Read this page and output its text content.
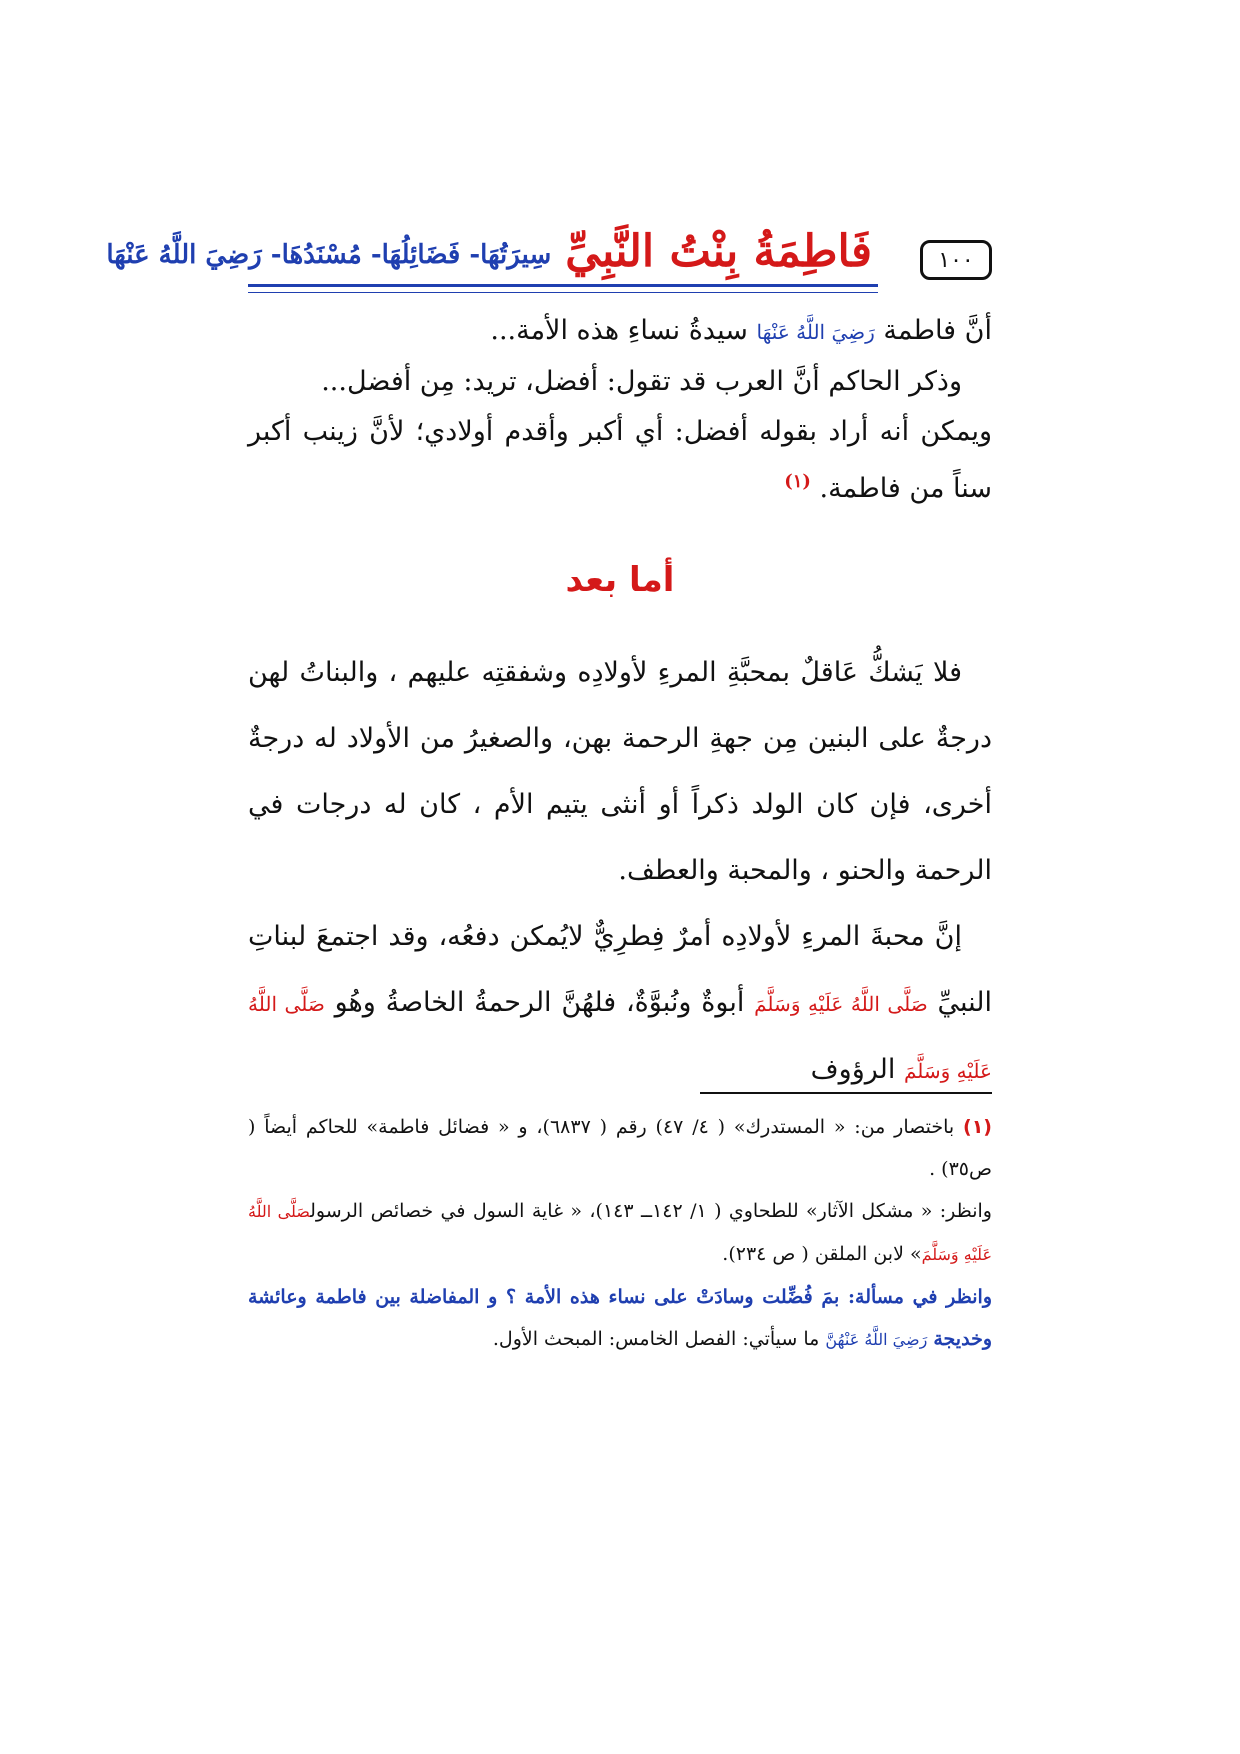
١٠٠
فَاطِمَةُ بِنْتُ النَّبِيِّ
سِيرَتُهَا- فَضَائِلُهَا- مُسْنَدُهَا- رَضِيَ اللَّهُ عَنْهَا

أنَّ فاطمة رَضِيَ اللَّهُ عَنْهَا سيدةُ نساءِ هذه الأمة...

وذكر الحاكم أنَّ العرب قد تقول: أفضل، تريد: مِن أفضل...

ويمكن أنه أراد بقوله أفضل: أي أكبر وأقدم أولادي؛ لأنَّ زينب أكبر سناً من فاطمة. $^{(١)}$

أما بعد

فلا يَشكُّ عَاقلٌ بمحبَّةِ المرءِ لأولادِه وشفقتِه عليهم ، والبناتُ لهن درجةٌ على البنين مِن جهةِ الرحمة بهن، والصغيرُ من الأولاد له درجةٌ أخرى، فإن كان الولد ذكراً أو أنثى يتيم الأم ، كان له درجات في الرحمة والحنو ، والمحبة والعطف.

إنَّ محبةَ المرءِ لأولادِه أمرٌ فِطرِيٌّ لايُمكن دفعُه، وقد اجتمعَ لبناتِ النبيِّ صَلَّى اللَّهُ عَلَيْهِ وَسَلَّمَ أبوةٌ ونُبوَّةٌ، فلهُنَّ الرحمةُ الخاصةُ وهُو صَلَّى اللَّهُ عَلَيْهِ وَسَلَّمَ الرؤوف

(١) باختصار من: « المستدرك» ( ٤/ ٤٧) رقم ( ٦٨٣٧)، و « فضائل فاطمة» للحاكم أيضاً ( ص٣٥) .

وانظر: « مشكل الآثار» للطحاوي ( ١/ ١٤٢ــ ١٤٣)، « غاية السول في خصائص الرسولصَلَّى اللَّهُ عَلَيْهِ وَسَلَّمَ» لابن الملقن ( ص ٢٣٤).

وانظر في مسألة: بمَ فُضِّلت وسادَتْ على نساء هذه الأمة ؟ و المفاضلة بين فاطمة وعائشة وخديجة رَضِيَ اللَّهُ عَنْهُنَّ ما سيأتي: الفصل الخامس: المبحث الأول.
